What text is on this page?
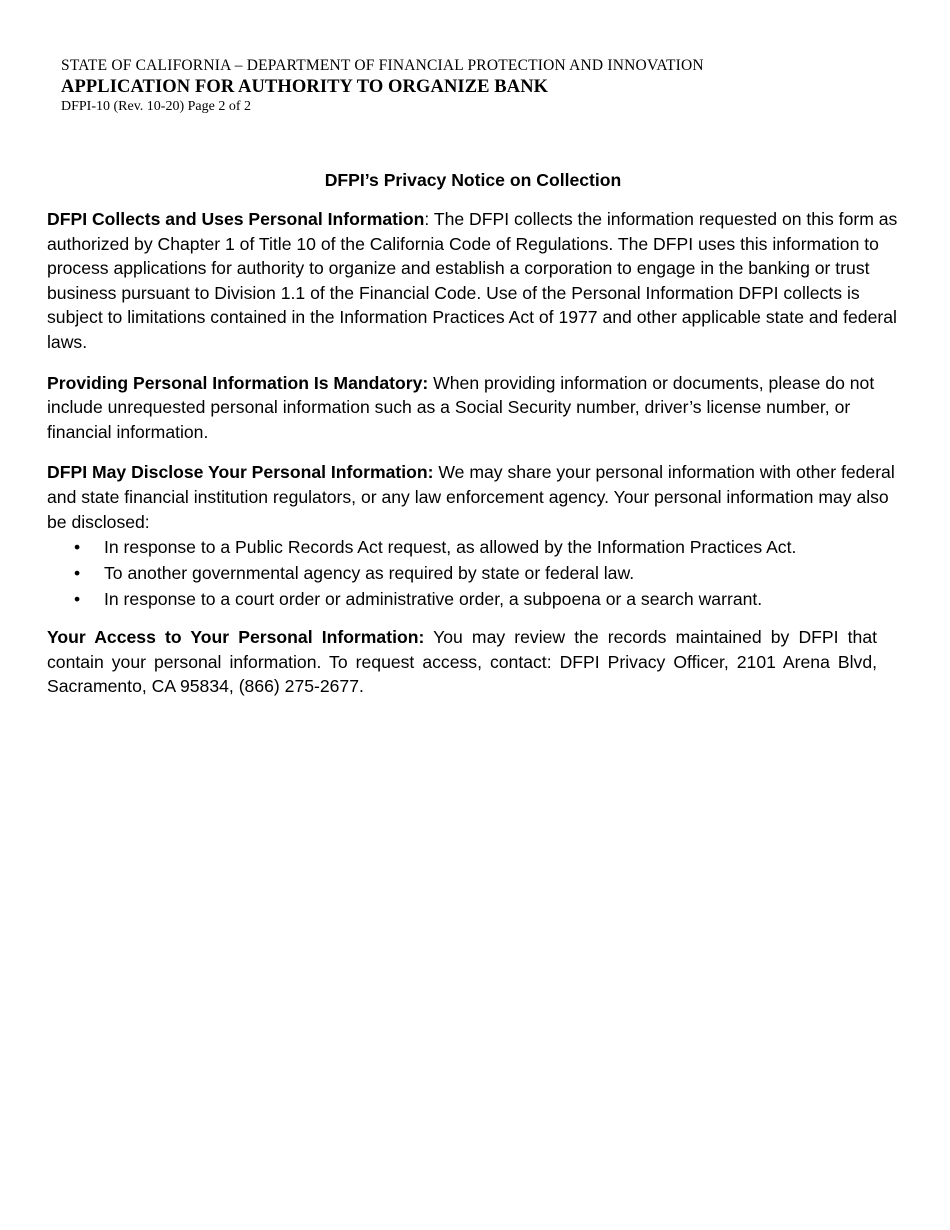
STATE OF CALIFORNIA – DEPARTMENT OF FINANCIAL PROTECTION AND INNOVATION
APPLICATION FOR AUTHORITY TO ORGANIZE BANK
DFPI-10 (Rev. 10-20) Page 2 of 2
DFPI’s Privacy Notice on Collection

DFPI Collects and Uses Personal Information: The DFPI collects the information requested on this form as authorized by Chapter 1 of Title 10 of the California Code of Regulations. The DFPI uses this information to process applications for authority to organize and establish a corporation to engage in the banking or trust business pursuant to Division 1.1 of the Financial Code. Use of the Personal Information DFPI collects is subject to limitations contained in the Information Practices Act of 1977 and other applicable state and federal laws.

Providing Personal Information Is Mandatory: When providing information or documents, please do not include unrequested personal information such as a Social Security number, driver’s license number, or financial information.

DFPI May Disclose Your Personal Information: We may share your personal information with other federal and state financial institution regulators, or any law enforcement agency. Your personal information may also be disclosed:

• In response to a Public Records Act request, as allowed by the Information Practices Act.
• To another governmental agency as required by state or federal law.
• In response to a court order or administrative order, a subpoena or a search warrant.

Your Access to Your Personal Information: You may review the records maintained by DFPI that contain your personal information. To request access, contact: DFPI Privacy Officer, 2101 Arena Blvd, Sacramento, CA 95834, (866) 275-2677.
